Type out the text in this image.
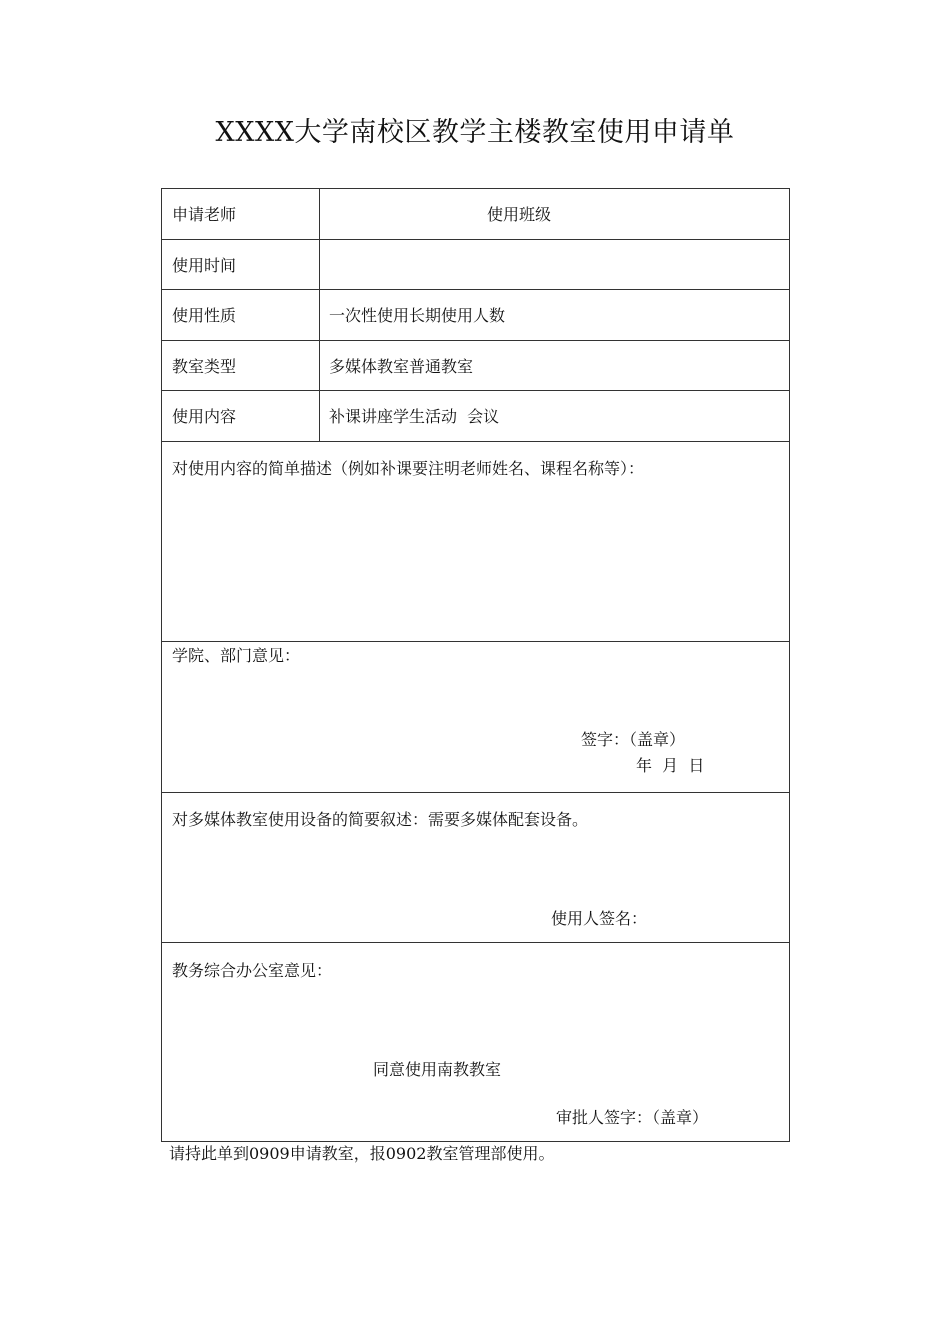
XXXX大学南校区教学主楼教室使用申请单
申请老师	使用班级
使用时间
使用性质	一次性使用长期使用人数
教室类型	多媒体教室普通教室
使用内容	补课讲座学生活动  会议
对使用内容的简单描述（例如补课要注明老师姓名、课程名称等）：
学院、部门意见：
签字：（盖章）
年  月  日
对多媒体教室使用设备的简要叙述：需要多媒体配套设备。
使用人签名：
教务综合办公室意见：
同意使用南教教室
审批人签字：（盖章）
请持此单到0909申请教室，报0902教室管理部使用。
